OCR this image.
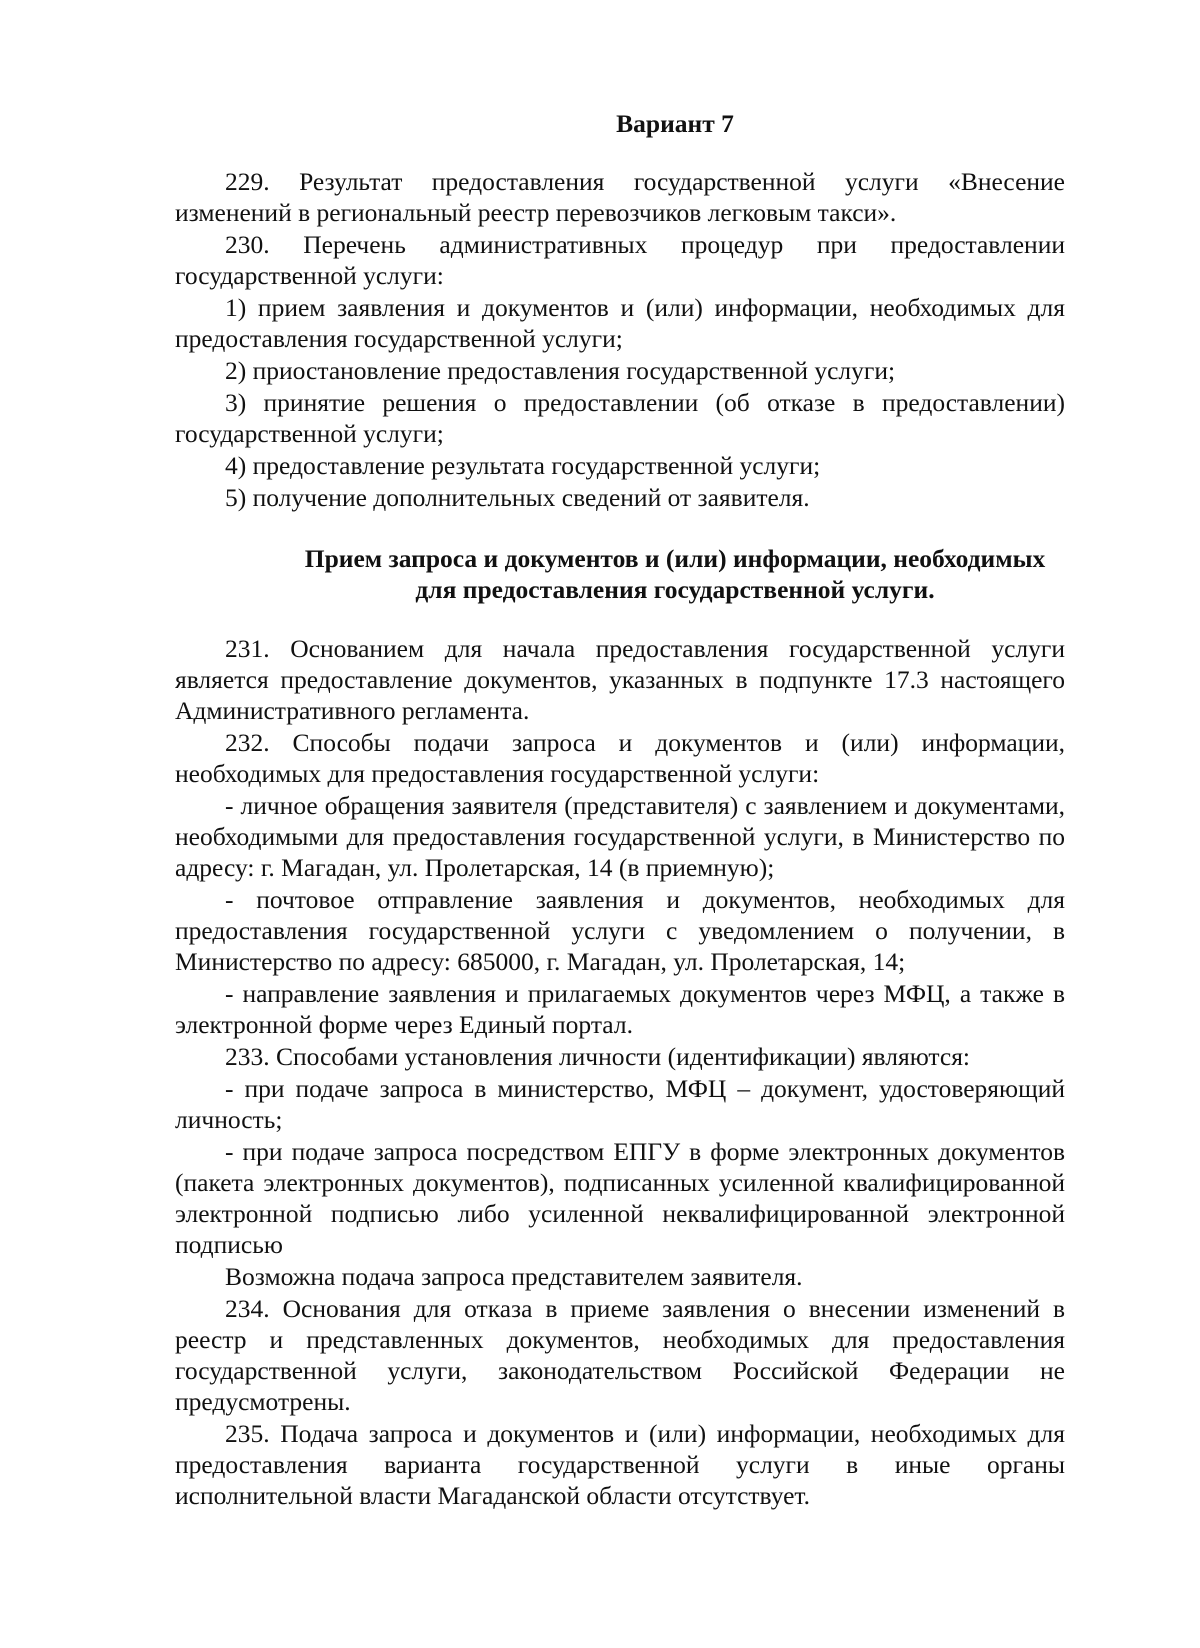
Вариант 7
229. Результат предоставления государственной услуги «Внесение изменений в региональный реестр перевозчиков легковым такси».
230. Перечень административных процедур при предоставлении государственной услуги:
1) прием заявления и документов и (или) информации, необходимых для предоставления государственной услуги;
2) приостановление предоставления государственной услуги;
3) принятие решения о предоставлении (об отказе в предоставлении) государственной услуги;
4) предоставление результата государственной услуги;
5) получение дополнительных сведений от заявителя.
Прием запроса и документов и (или) информации, необходимых для предоставления государственной услуги.
231. Основанием для начала предоставления государственной услуги является предоставление документов, указанных в подпункте 17.3 настоящего Административного регламента.
232. Способы подачи запроса и документов и (или) информации, необходимых для предоставления государственной услуги:
- личное обращения заявителя (представителя) с заявлением и документами, необходимыми для предоставления государственной услуги, в Министерство по адресу: г. Магадан, ул. Пролетарская, 14 (в приемную);
- почтовое отправление заявления и документов, необходимых для предоставления государственной услуги с уведомлением о получении, в Министерство по адресу: 685000, г. Магадан, ул. Пролетарская, 14;
- направление заявления и прилагаемых документов через МФЦ, а также в электронной форме через Единый портал.
233. Способами установления личности (идентификации) являются:
- при подаче запроса в министерство, МФЦ – документ, удостоверяющий личность;
- при подаче запроса посредством ЕПГУ в форме электронных документов (пакета электронных документов), подписанных усиленной квалифицированной электронной подписью либо усиленной неквалифицированной электронной подписью
Возможна подача запроса представителем заявителя.
234. Основания для отказа в приеме заявления о внесении изменений в реестр и представленных документов, необходимых для предоставления государственной услуги, законодательством Российской Федерации не предусмотрены.
235. Подача запроса и документов и (или) информации, необходимых для предоставления варианта государственной услуги в иные органы исполнительной власти Магаданской области отсутствует.
